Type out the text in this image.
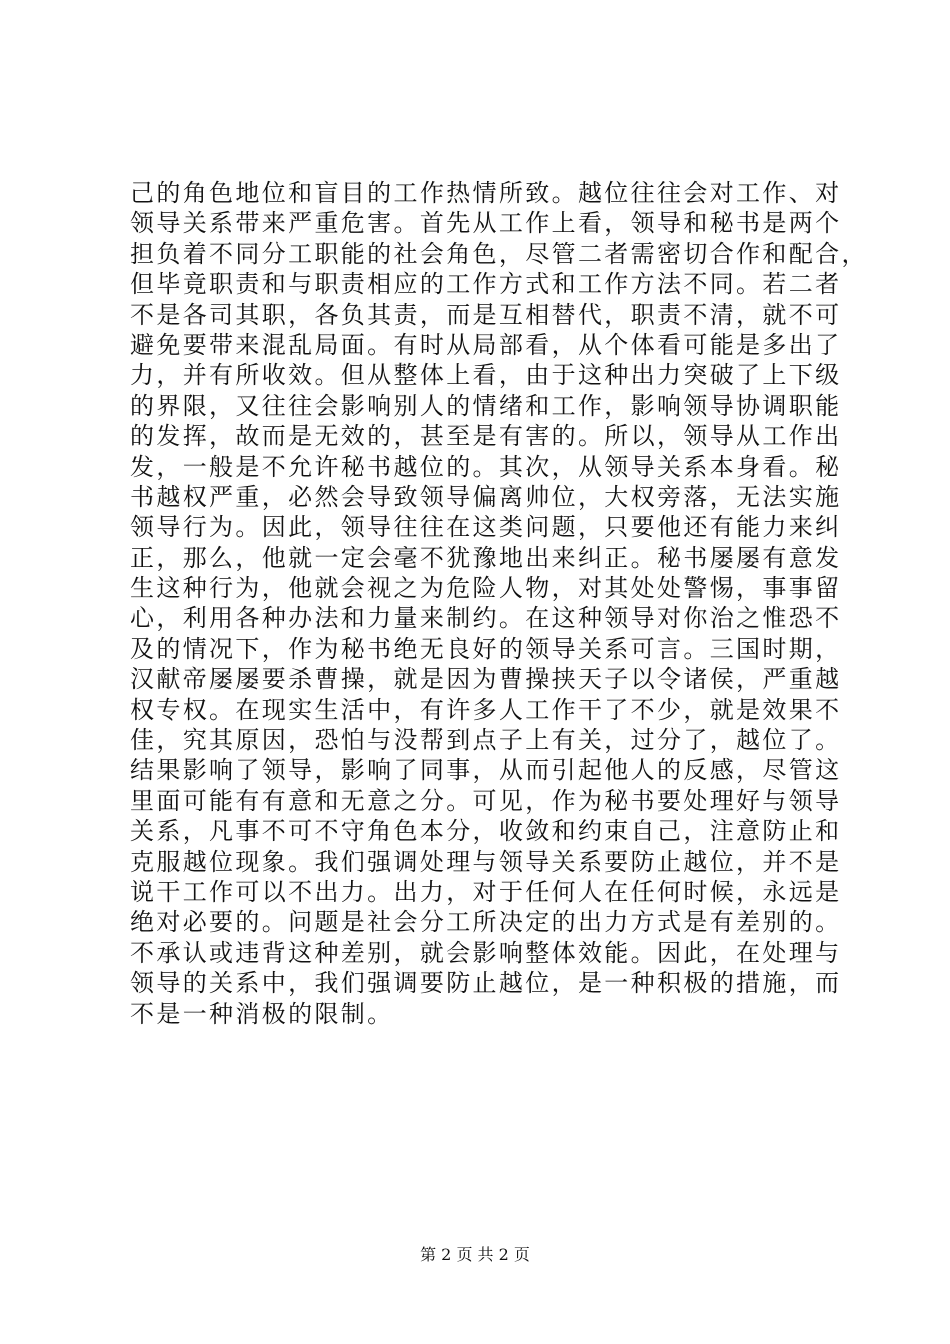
己的角色地位和盲目的工作热情所致。越位往往会对工作、对
领导关系带来严重危害。首先从工作上看，领导和秘书是两个
担负着不同分工职能的社会角色，尽管二者需密切合作和配合，
但毕竟职责和与职责相应的工作方式和工作方法不同。若二者
不是各司其职，各负其责，而是互相替代，职责不清，就不可
避免要带来混乱局面。有时从局部看，从个体看可能是多出了
力，并有所收效。但从整体上看，由于这种出力突破了上下级
的界限，又往往会影响别人的情绪和工作，影响领导协调职能
的发挥，故而是无效的，甚至是有害的。所以，领导从工作出
发，一般是不允许秘书越位的。其次，从领导关系本身看。秘
书越权严重，必然会导致领导偏离帅位，大权旁落，无法实施
领导行为。因此，领导往往在这类问题，只要他还有能力来纠
正，那么，他就一定会毫不犹豫地出来纠正。秘书屡屡有意发
生这种行为，他就会视之为危险人物，对其处处警惕，事事留
心，利用各种办法和力量来制约。在这种领导对你治之惟恐不
及的情况下，作为秘书绝无良好的领导关系可言。三国时期，
汉献帝屡屡要杀曹操，就是因为曹操挟天子以令诸侯，严重越
权专权。在现实生活中，有许多人工作干了不少，就是效果不
佳，究其原因，恐怕与没帮到点子上有关，过分了，越位了。
结果影响了领导，影响了同事，从而引起他人的反感，尽管这
里面可能有有意和无意之分。可见，作为秘书要处理好与领导
关系，凡事不可不守角色本分，收敛和约束自己，注意防止和
克服越位现象。我们强调处理与领导关系要防止越位，并不是
说干工作可以不出力。出力，对于任何人在任何时候，永远是
绝对必要的。问题是社会分工所决定的出力方式是有差别的。
不承认或违背这种差别，就会影响整体效能。因此，在处理与
领导的关系中，我们强调要防止越位，是一种积极的措施，而
不是一种消极的限制。
第 2 页 共 2 页
